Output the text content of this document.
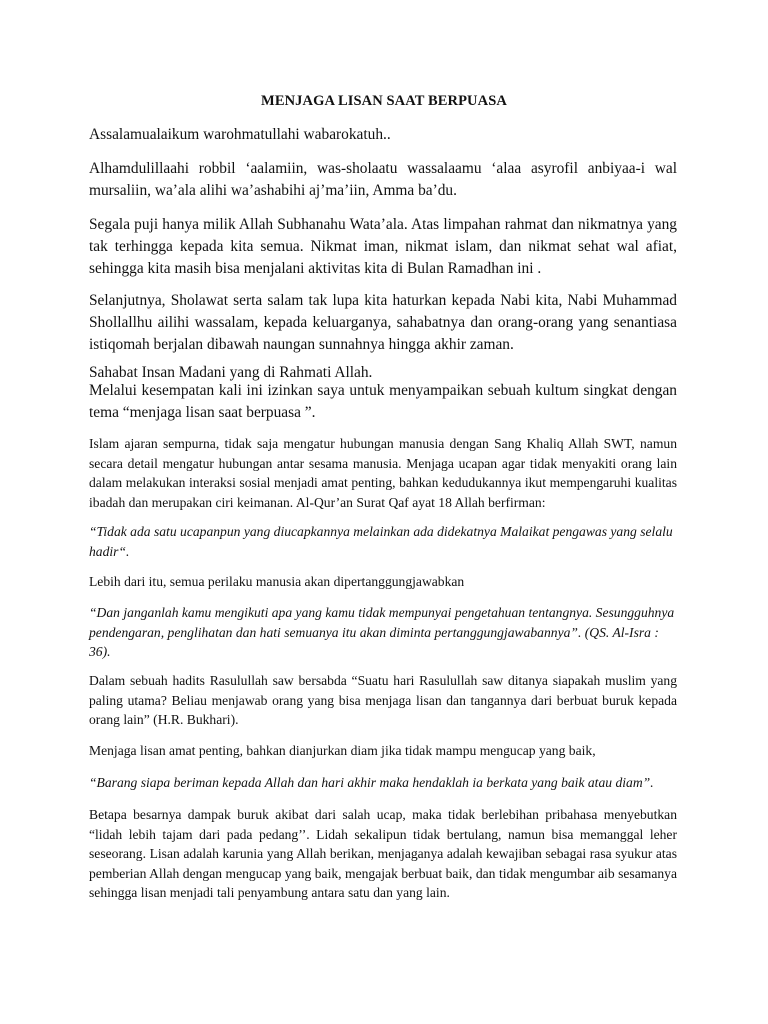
MENJAGA LISAN SAAT BERPUASA

Assalamualaikum warohmatullahi wabarokatuh..

Alhamdulillaahi robbil ‘aalamiin, was-sholaatu wassalaamu ‘alaa asyrofil anbiyaa-i wal mursaliin, wa’ala alihi wa’ashabihi aj’ma’iin, Amma ba’du.

Segala puji hanya milik Allah Subhanahu Wata’ala. Atas limpahan rahmat dan nikmatnya yang tak terhingga kepada kita semua. Nikmat iman, nikmat islam, dan nikmat sehat wal afiat, sehingga kita masih bisa menjalani aktivitas kita di Bulan Ramadhan ini .

Selanjutnya, Sholawat serta salam tak lupa kita haturkan kepada Nabi kita, Nabi Muhammad Shollallhu ailihi wassalam, kepada keluarganya, sahabatnya dan orang-orang yang senantiasa istiqomah berjalan dibawah naungan sunnahnya hingga akhir zaman.

Sahabat Insan Madani yang di Rahmati Allah.

Melalui kesempatan kali ini izinkan saya untuk menyampaikan sebuah kultum singkat dengan tema “menjaga lisan saat berpuasa ”.

Islam ajaran sempurna, tidak saja mengatur hubungan manusia dengan Sang Khaliq Allah SWT, namun secara detail mengatur hubungan antar sesama manusia. Menjaga ucapan agar tidak menyakiti orang lain dalam melakukan interaksi sosial menjadi amat penting, bahkan kedudukannya ikut mempengaruhi kualitas ibadah dan merupakan ciri keimanan. Al-Qur’an Surat Qaf ayat 18 Allah berfirman:

“Tidak ada satu ucapanpun yang diucapkannya melainkan ada didekatnya Malaikat pengawas yang selalu hadir“.

Lebih dari itu, semua perilaku manusia akan dipertanggungjawabkan

“Dan janganlah kamu mengikuti apa yang kamu tidak mempunyai pengetahuan tentangnya. Sesungguhnya pendengaran, penglihatan dan hati semuanya itu akan diminta pertanggungjawabannya”. (QS. Al-Isra : 36).

Dalam sebuah hadits Rasulullah saw bersabda “Suatu hari Rasulullah saw ditanya siapakah muslim yang paling utama? Beliau menjawab orang yang bisa menjaga lisan dan tangannya dari berbuat buruk kepada orang lain” (H.R. Bukhari).

Menjaga lisan amat penting, bahkan dianjurkan diam jika tidak mampu mengucap yang baik,

“Barang siapa beriman kepada Allah dan hari akhir maka hendaklah ia berkata yang baik atau diam”.

Betapa besarnya dampak buruk akibat dari salah ucap, maka tidak berlebihan pribahasa menyebutkan “lidah lebih tajam dari pada pedang’’. Lidah sekalipun tidak bertulang, namun bisa memanggal leher seseorang. Lisan adalah karunia yang Allah berikan, menjaganya adalah kewajiban sebagai rasa syukur atas pemberian Allah dengan mengucap yang baik, mengajak berbuat baik, dan tidak mengumbar aib sesamanya sehingga lisan menjadi tali penyambung antara satu dan yang lain.
